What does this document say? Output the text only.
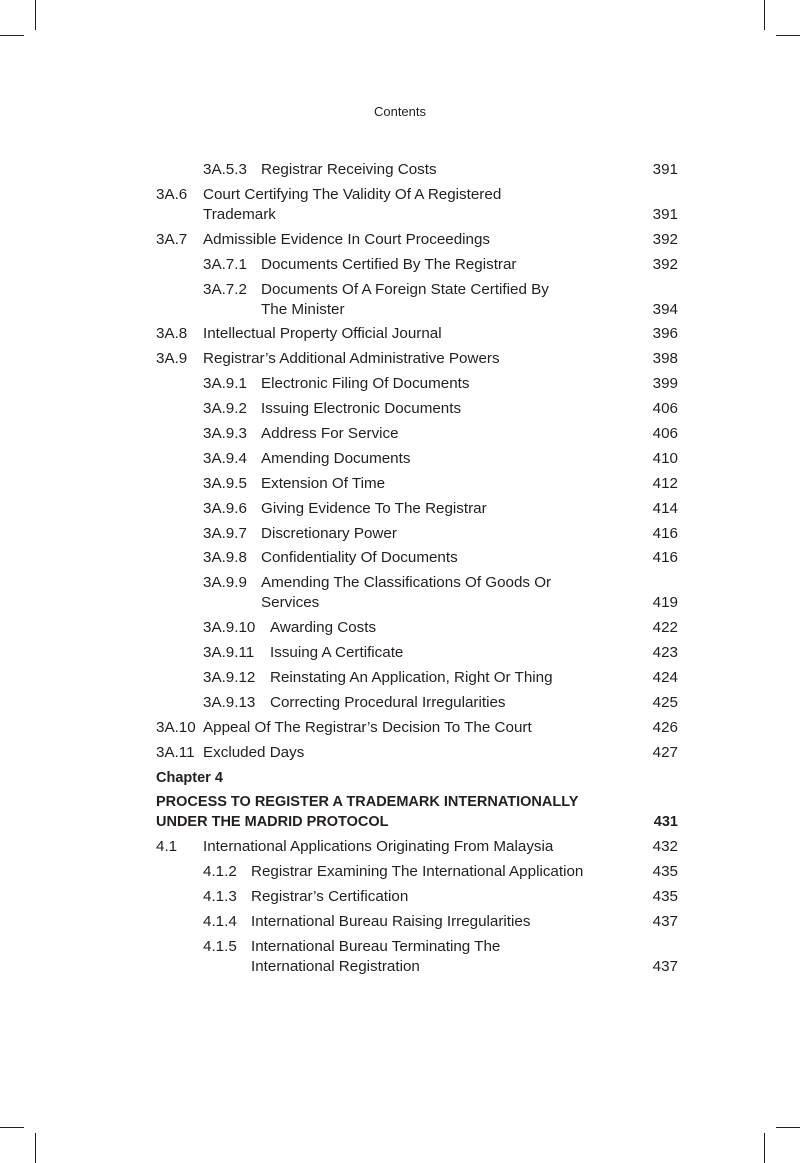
Contents
3A.5.3 Registrar Receiving Costs	391
3A.6	Court Certifying The Validity Of A Registered Trademark	391
3A.7	Admissible Evidence In Court Proceedings	392
3A.7.1 Documents Certified By The Registrar	392
3A.7.2 Documents Of A Foreign State Certified By The Minister	394
3A.8	Intellectual Property Official Journal	396
3A.9	Registrar’s Additional Administrative Powers	398
3A.9.1 Electronic Filing Of Documents	399
3A.9.2 Issuing Electronic Documents	406
3A.9.3 Address For Service	406
3A.9.4 Amending Documents	410
3A.9.5 Extension Of Time	412
3A.9.6 Giving Evidence To The Registrar	414
3A.9.7 Discretionary Power	416
3A.9.8 Confidentiality Of Documents	416
3A.9.9 Amending The Classifications Of Goods Or Services	419
3A.9.10 Awarding Costs	422
3A.9.11	Issuing A Certificate	423
3A.9.12 Reinstating An Application, Right Or Thing	424
3A.9.13 Correcting Procedural Irregularities	425
3A.10 Appeal Of The Registrar’s Decision To The Court	426
3A.11 Excluded Days	427
Chapter 4
PROCESS TO REGISTER A TRADEMARK INTERNATIONALLY
UNDER THE MADRID PROTOCOL	431
4.1	International Applications Originating From Malaysia	432
4.1.2 Registrar Examining The International Application	435
4.1.3 Registrar’s Certification	435
4.1.4 International Bureau Raising Irregularities	437
4.1.5 International Bureau Terminating The International Registration	437
